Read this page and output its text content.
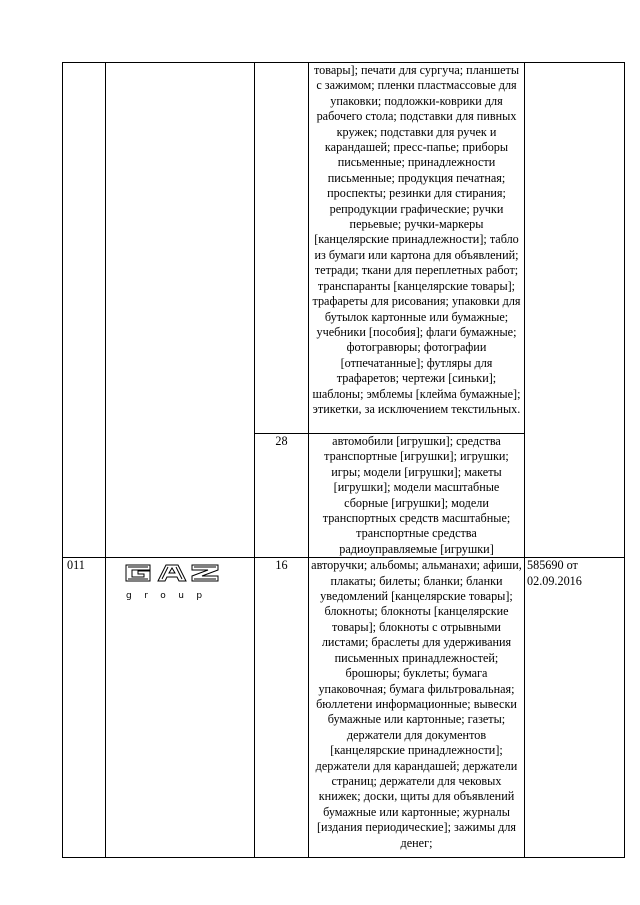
			товары]; печати для сургуча; планшеты с зажимом; пленки пластмассовые для упаковки; подложки-коврики для рабочего стола; подставки для пивных кружек; подставки для ручек и карандашей; пресс-папье; приборы письменные; принадлежности письменные; продукция печатная; проспекты; резинки для стирания; репродукции графические; ручки перьевые; ручки-маркеры [канцелярские принадлежности]; табло из бумаги или картона для объявлений; тетради; ткани для переплетных работ; транспаранты [канцелярские товары]; трафареты для рисования; упаковки для бутылок картонные или бумажные; учебники [пособия]; флаги бумажные; фотогравюры; фотографии [отпечатанные]; футляры для трафаретов; чертежи [синьки]; шаблоны; эмблемы [клейма бумажные]; этикетки, за исключением текстильных.	
		28	автомобили [игрушки]; средства транспортные [игрушки]; игрушки; игры; модели [игрушки]; макеты [игрушки]; модели масштабные сборные [игрушки]; модели транспортных средств масштабные; транспортные средства радиоуправляемые [игрушки]	
011	group	16	авторучки; альбомы; альманахи; афиши, плакаты; билеты; бланки; бланки уведомлений [канцелярские товары]; блокноты; блокноты [канцелярские товары]; блокноты с отрывными листами; браслеты для удерживания письменных принадлежностей; брошюры; буклеты; бумага упаковочная; бумага фильтровальная; бюллетени информационные; вывески бумажные или картонные; газеты; держатели для документов [канцелярские принадлежности]; держатели для карандашей; держатели страниц; держатели для чековых книжек; доски, щиты для объявлений бумажные или картонные; журналы [издания периодические]; зажимы для денег;	585690 от 02.09.2016
